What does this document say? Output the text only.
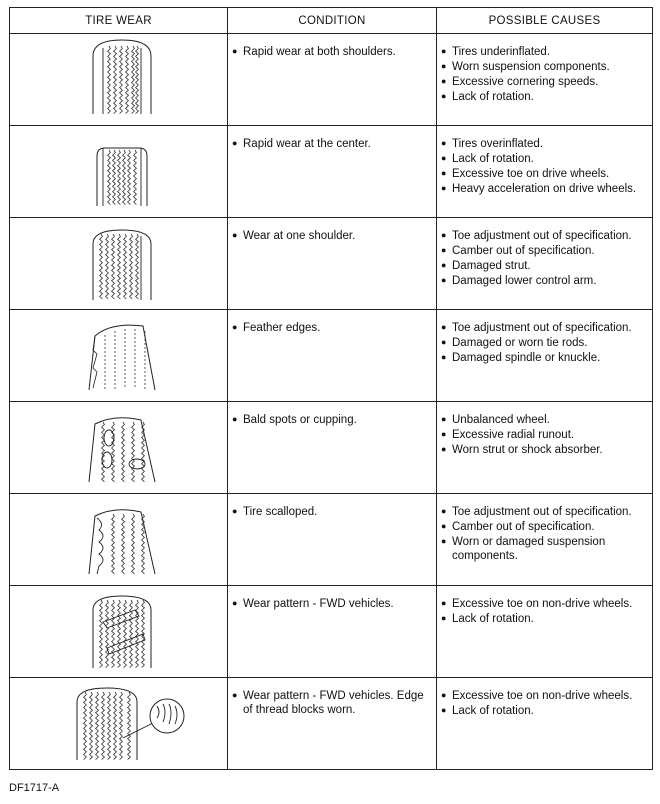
TIRE WEAR	CONDITION	POSSIBLE CAUSES

● Rapid wear at both shoulders.	● Tires underinflated.
● Worn suspension components.
● Excessive cornering speeds.
● Lack of rotation.

● Rapid wear at the center.	● Tires overinflated.
● Lack of rotation.
● Excessive toe on drive wheels.
● Heavy acceleration on drive wheels.

● Wear at one shoulder.	● Toe adjustment out of specification.
● Camber out of specification.
● Damaged strut.
● Damaged lower control arm.

● Feather edges.	● Toe adjustment out of specification.
● Damaged or worn tie rods.
● Damaged spindle or knuckle.

● Bald spots or cupping.	● Unbalanced wheel.
● Excessive radial runout.
● Worn strut or shock absorber.

● Tire scalloped.	● Toe adjustment out of specification.
● Camber out of specification.
● Worn or damaged suspension components.

● Wear pattern - FWD vehicles.	● Excessive toe on non-drive wheels.
● Lack of rotation.

● Wear pattern - FWD vehicles. Edge of thread blocks worn.	● Excessive toe on non-drive wheels.
● Lack of rotation.
DF1717-A
